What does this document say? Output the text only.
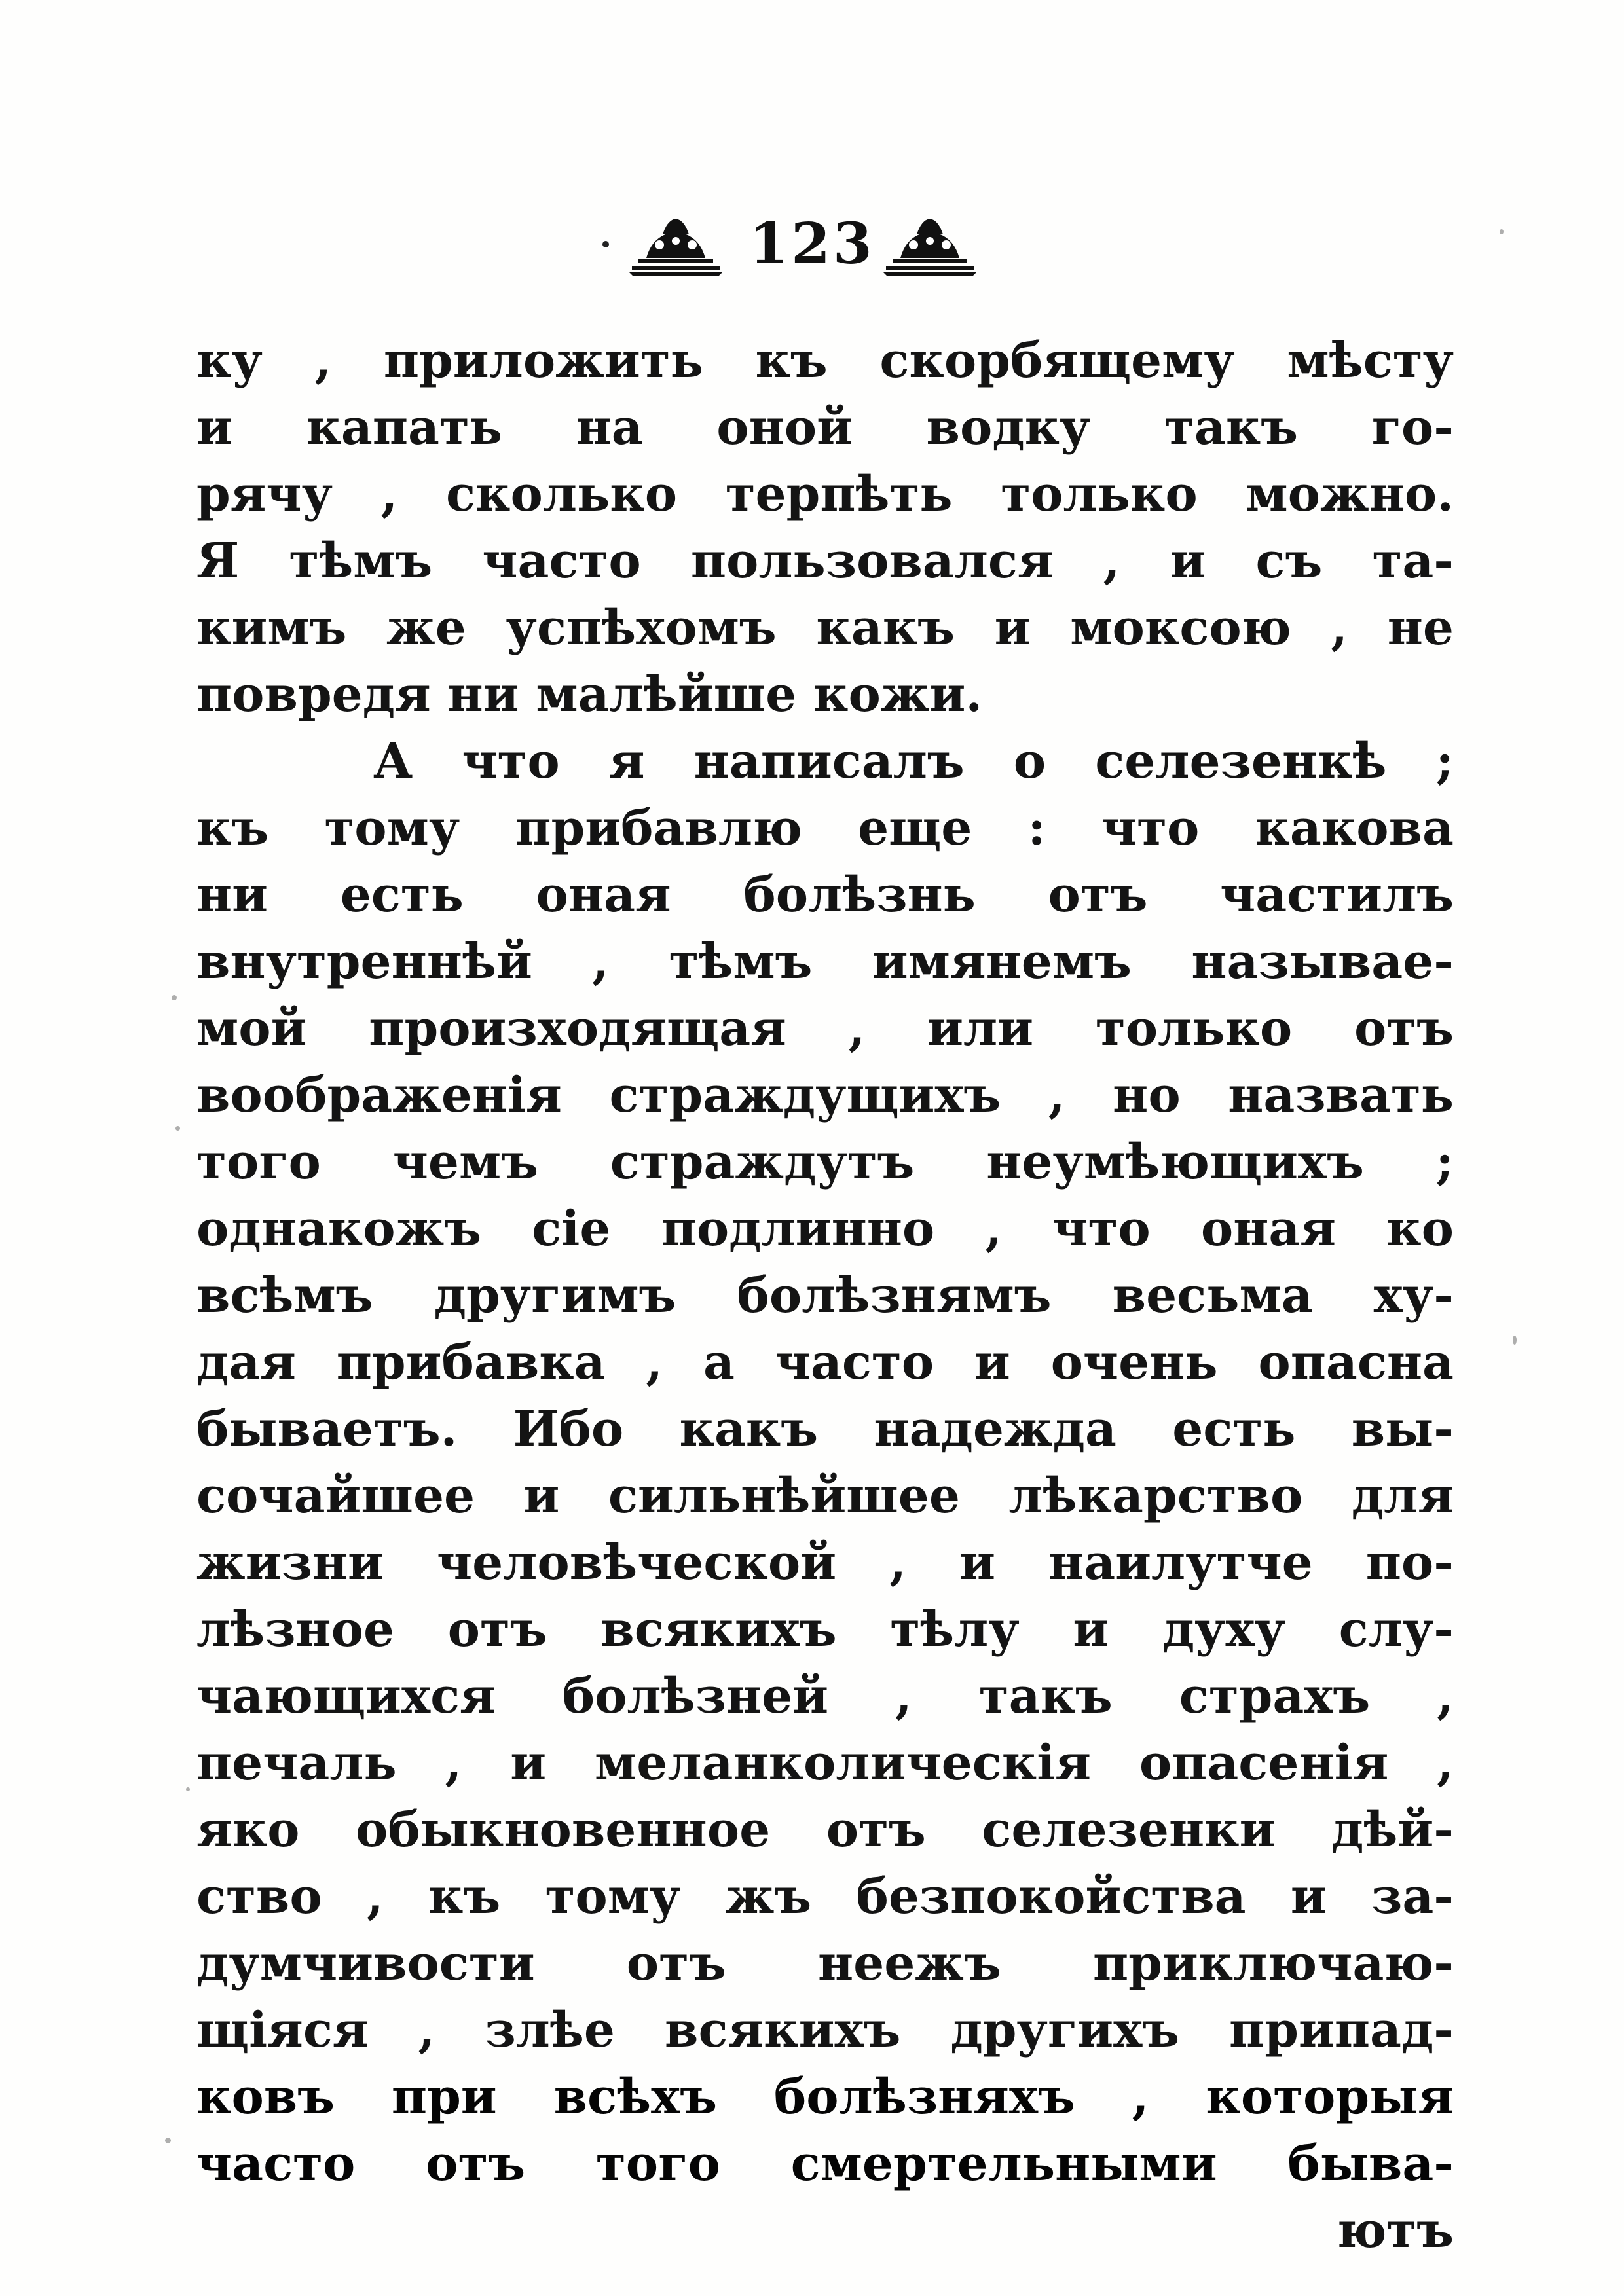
123
ку , приложить къ скорбящему мѣсту
и капать на оной водку такъ го-
рячу , сколько терпѣть только можно.
Я тѣмъ часто пользовался , и съ та-
кимъ же успѣхомъ какъ и моксою , не
повредя ни малѣйше кожи.
А что я написалъ о селезенкѣ ;
къ тому прибавлю еще : что какова
ни есть оная болѣзнь отъ частилъ
внутреннѣй , тѣмъ имянемъ называе-
мой произходящая , или только отъ
воображенія страждущихъ , но назвать
того чемъ страждутъ неумѣющихъ ;
однакожъ сіе подлинно , что оная ко
всѣмъ другимъ болѣзнямъ весьма ху-
дая прибавка , а часто и очень опасна
бываетъ. Ибо какъ надежда есть вы-
сочайшее и сильнѣйшее лѣкарство для
жизни человѣческой , и наилутче по-
лѣзное отъ всякихъ тѣлу и духу слу-
чающихся болѣзней , такъ страхъ ,
печаль , и меланколическія опасенія ,
яко обыкновенное отъ селезенки дѣй-
ство , къ тому жъ безпокойства и за-
думчивости отъ неежъ приключаю-
щіяся , злѣе всякихъ другихъ припад-
ковъ при всѣхъ болѣзняхъ , которыя
часто отъ того смертельными быва-
ютъ
